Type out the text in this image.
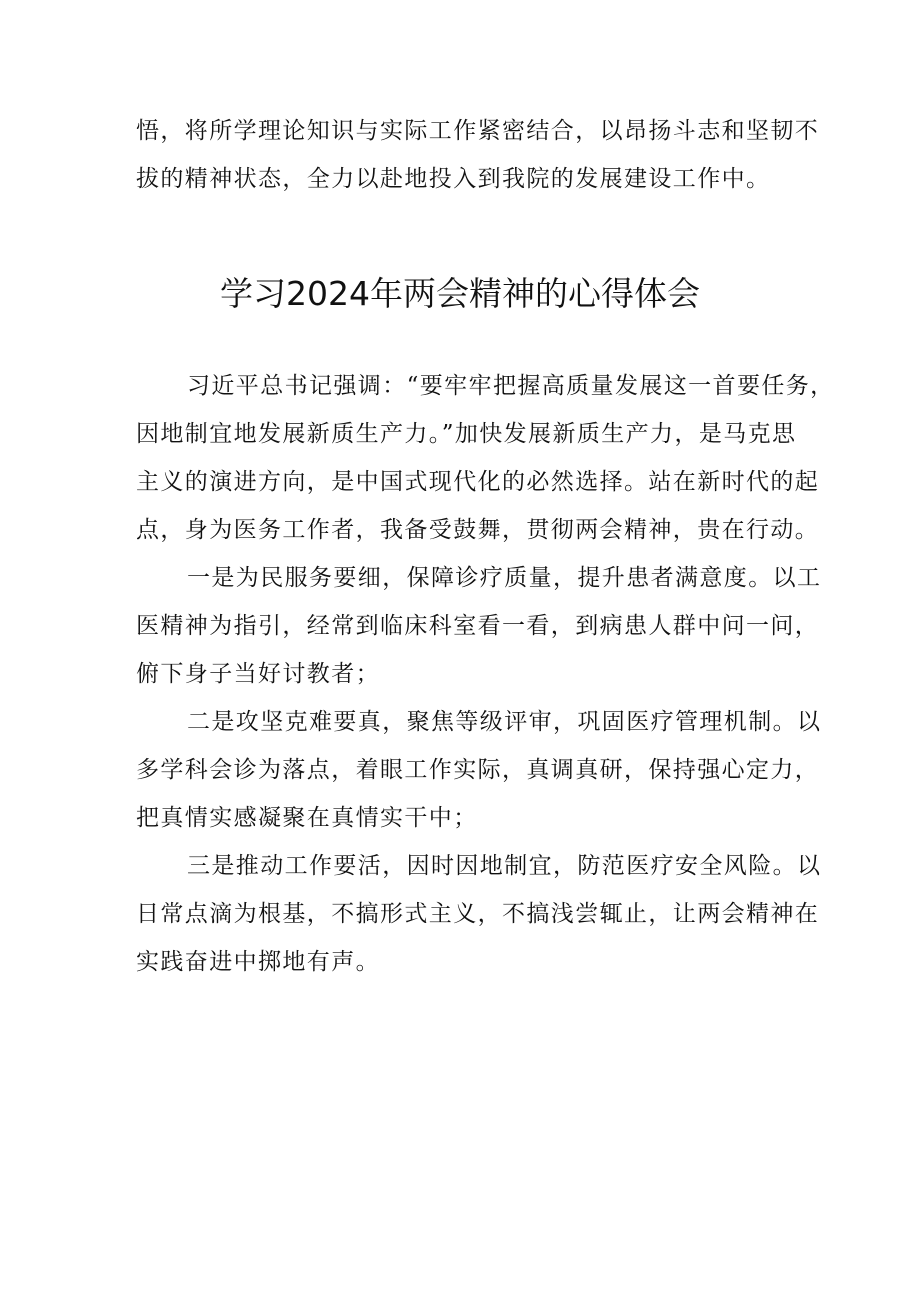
悟，将所学理论知识与实际工作紧密结合，以昂扬斗志和坚韧不
拔的精神状态，全力以赴地投入到我院的发展建设工作中。
学习2024年两会精神的心得体会
习近平总书记强调：“要牢牢把握高质量发展这一首要任务，
因地制宜地发展新质生产力。”加快发展新质生产力，是马克思
主义的演进方向，是中国式现代化的必然选择。站在新时代的起
点，身为医务工作者，我备受鼓舞，贯彻两会精神，贵在行动。
一是为民服务要细，保障诊疗质量，提升患者满意度。以工
医精神为指引，经常到临床科室看一看，到病患人群中问一问，
俯下身子当好讨教者；
二是攻坚克难要真，聚焦等级评审，巩固医疗管理机制。以
多学科会诊为落点，着眼工作实际，真调真研，保持强心定力，
把真情实感凝聚在真情实干中；
三是推动工作要活，因时因地制宜，防范医疗安全风险。以
日常点滴为根基，不搞形式主义，不搞浅尝辄止，让两会精神在
实践奋进中掷地有声。
